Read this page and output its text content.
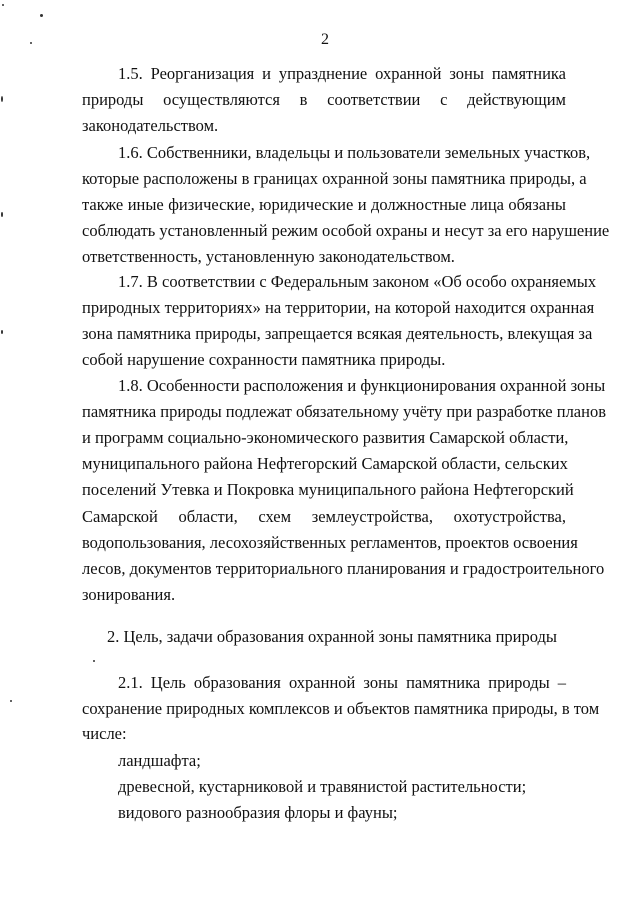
2
1.5. Реорганизация и упразднение охранной зоны памятника
природы осуществляются в соответствии с действующим
законодательством.
1.6. Собственники, владельцы и пользователи земельных участков,
которые расположены в границах охранной зоны памятника природы, а
также иные физические, юридические и должностные лица обязаны
соблюдать установленный режим особой охраны и несут за его нарушение
ответственность, установленную законодательством.
1.7. В соответствии с Федеральным законом «Об особо охраняемых
природных территориях» на территории, на которой находится охранная
зона памятника природы, запрещается всякая деятельность, влекущая за
собой нарушение сохранности памятника природы.
1.8. Особенности расположения и функционирования охранной зоны
памятника природы подлежат обязательному учёту при разработке планов
и программ социально-экономического развития Самарской области,
муниципального района Нефтегорский Самарской области, сельских
поселений Утевка и Покровка муниципального района Нефтегорский
Самарской области, схем землеустройства, охотустройства,
водопользования, лесохозяйственных регламентов, проектов освоения
лесов, документов территориального планирования и градостроительного
зонирования.
2. Цель, задачи образования охранной зоны памятника природы
2.1. Цель образования охранной зоны памятника природы –
сохранение природных комплексов и объектов памятника природы, в том
числе:
ландшафта;
древесной, кустарниковой и травянистой растительности;
видового разнообразия флоры и фауны;
